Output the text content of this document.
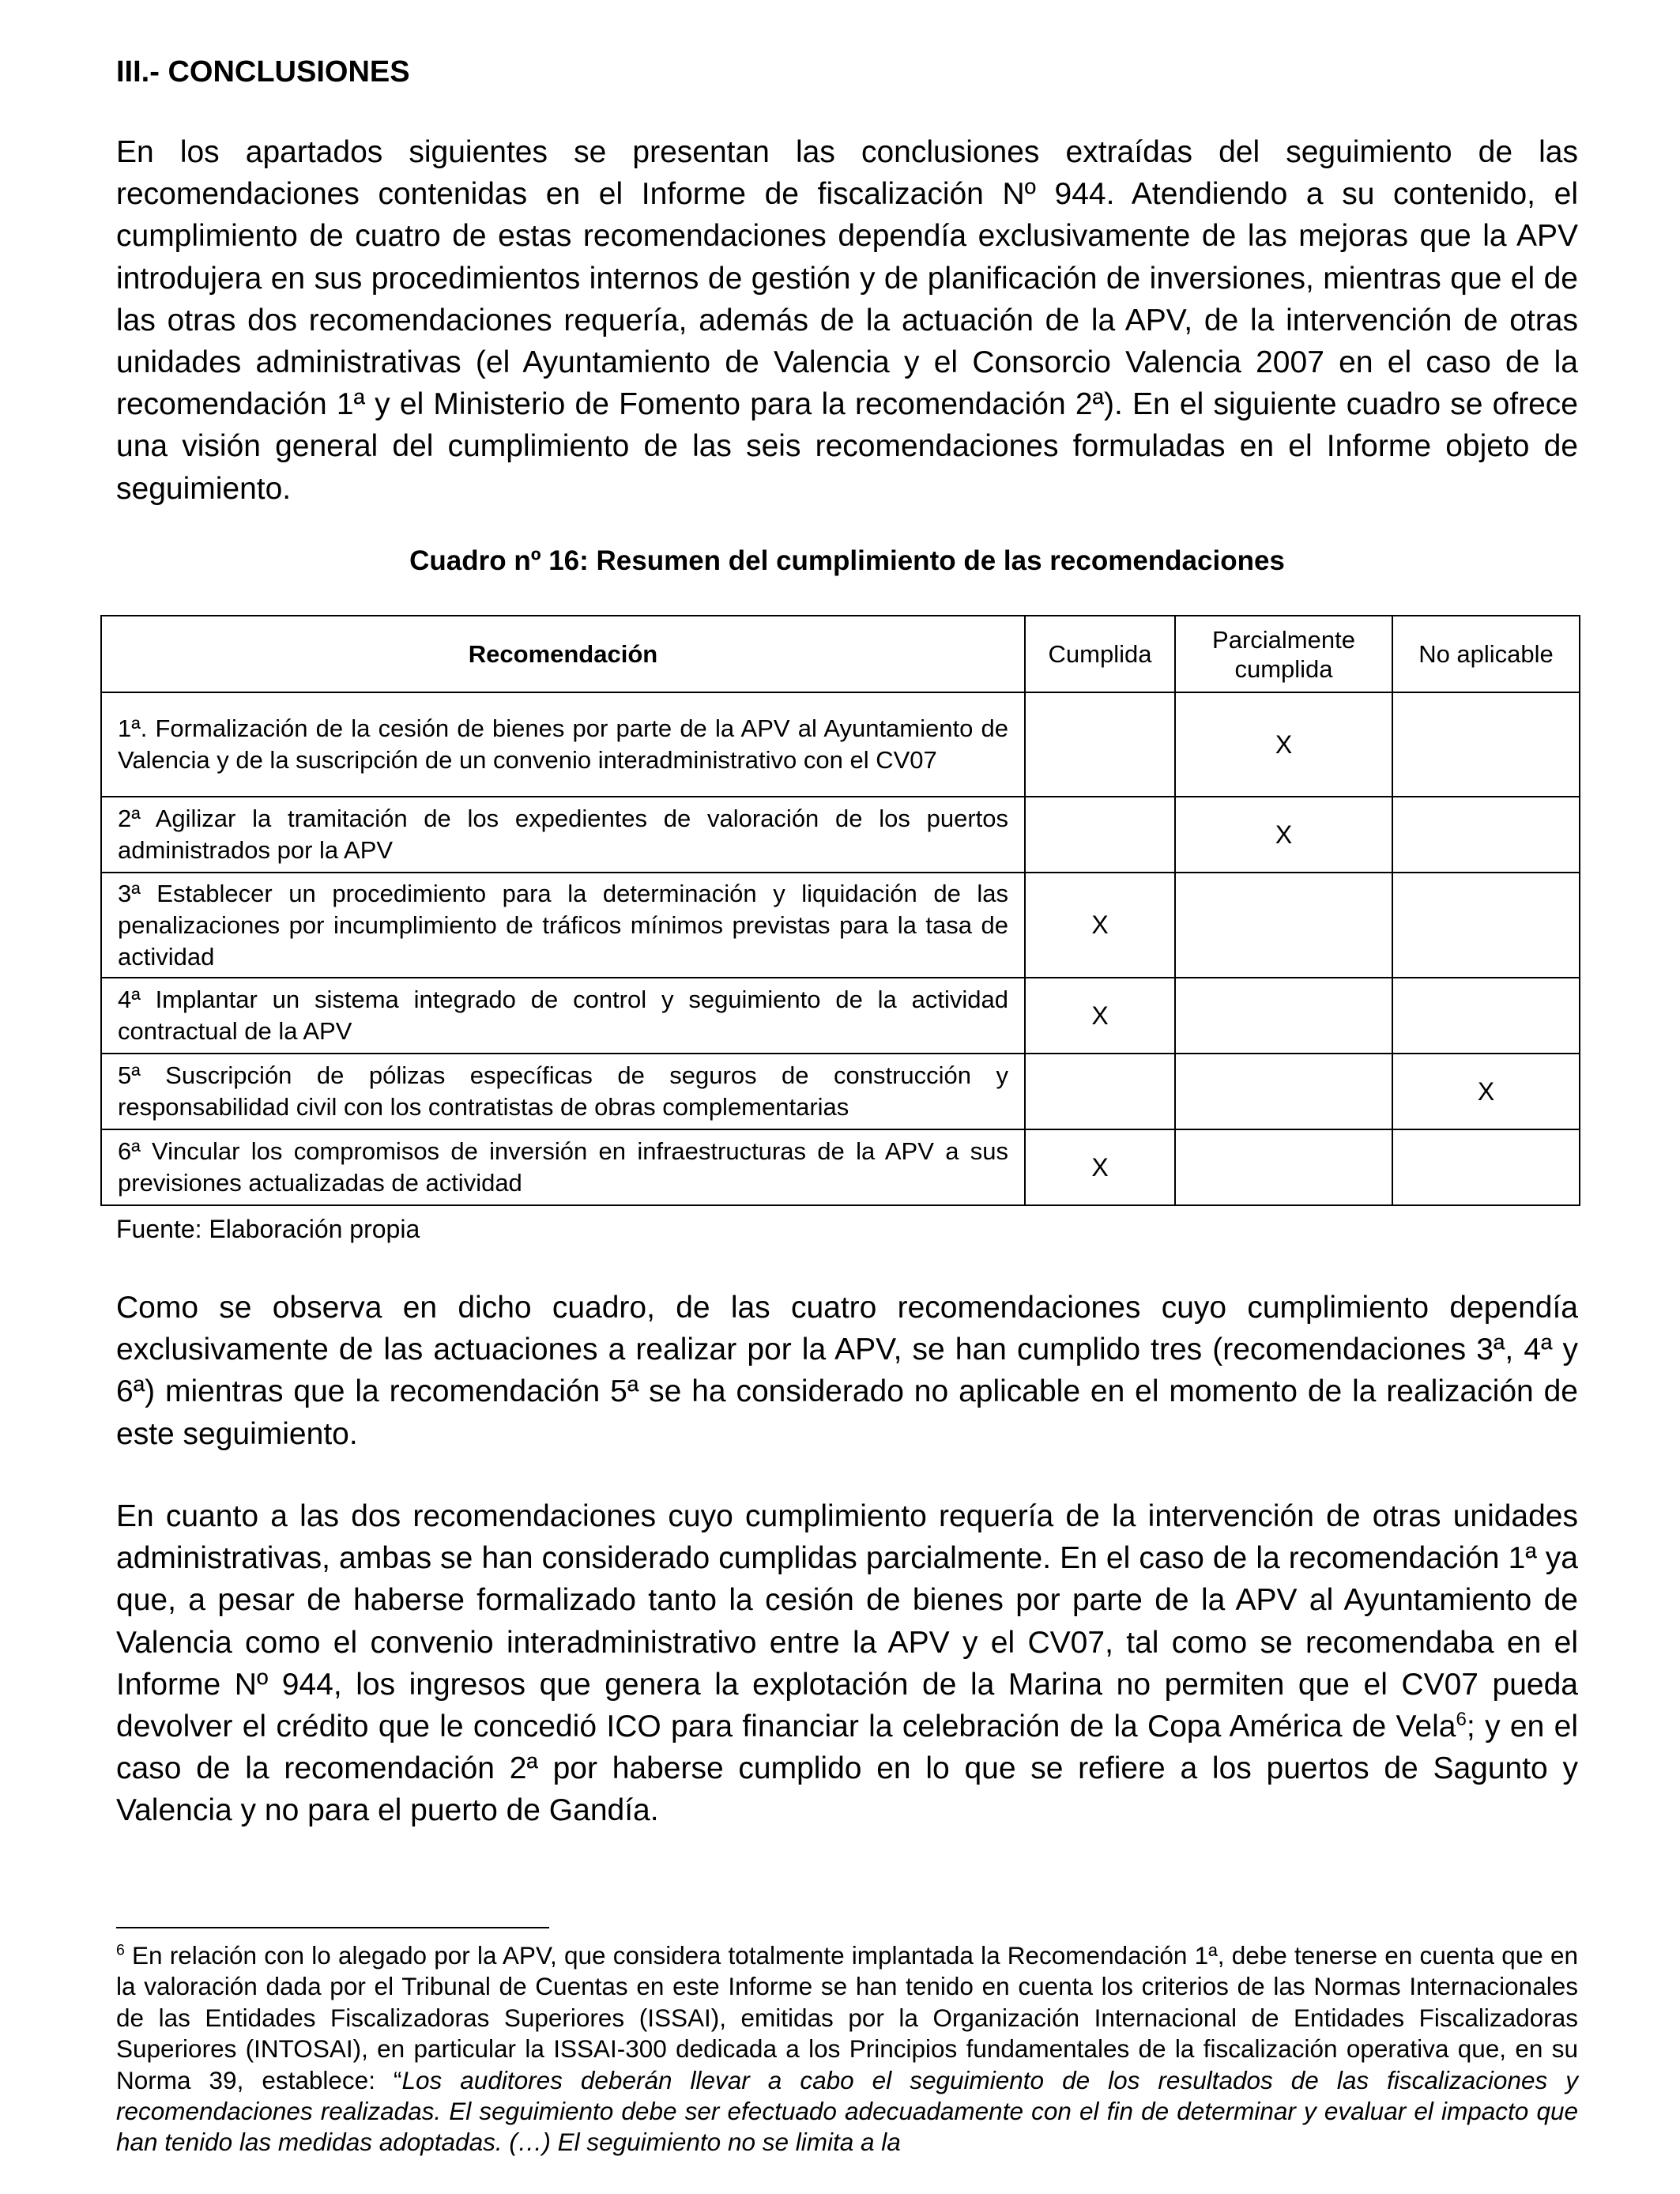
III.- CONCLUSIONES

En los apartados siguientes se presentan las conclusiones extraídas del seguimiento de las recomendaciones contenidas en el Informe de fiscalización Nº 944. Atendiendo a su contenido, el cumplimiento de cuatro de estas recomendaciones dependía exclusivamente de las mejoras que la APV introdujera en sus procedimientos internos de gestión y de planificación de inversiones, mientras que el de las otras dos recomendaciones requería, además de la actuación de la APV, de la intervención de otras unidades administrativas (el Ayuntamiento de Valencia y el Consorcio Valencia 2007 en el caso de la recomendación 1ª y el Ministerio de Fomento para la recomendación 2ª). En el siguiente cuadro se ofrece una visión general del cumplimiento de las seis recomendaciones formuladas en el Informe objeto de seguimiento.

Cuadro nº 16: Resumen del cumplimiento de las recomendaciones

Recomendación	Cumplida	Parcialmente cumplida	No aplicable
1ª. Formalización de la cesión de bienes por parte de la APV al Ayuntamiento de Valencia y de la suscripción de un convenio interadministrativo con el CV07		X	
2ª Agilizar la tramitación de los expedientes de valoración de los puertos administrados por la APV		X	
3ª Establecer un procedimiento para la determinación y liquidación de las penalizaciones por incumplimiento de tráficos mínimos previstas para la tasa de actividad	X		
4ª Implantar un sistema integrado de control y seguimiento de la actividad contractual de la APV	X		
5ª Suscripción de pólizas específicas de seguros de construcción y responsabilidad civil con los contratistas de obras complementarias			X
6ª Vincular los compromisos de inversión en infraestructuras de la APV a sus previsiones actualizadas de actividad	X		

Fuente: Elaboración propia

Como se observa en dicho cuadro, de las cuatro recomendaciones cuyo cumplimiento dependía exclusivamente de las actuaciones a realizar por la APV, se han cumplido tres (recomendaciones 3ª, 4ª y 6ª) mientras que la recomendación 5ª se ha considerado no aplicable en el momento de la realización de este seguimiento.

En cuanto a las dos recomendaciones cuyo cumplimiento requería de la intervención de otras unidades administrativas, ambas se han considerado cumplidas parcialmente. En el caso de la recomendación 1ª ya que, a pesar de haberse formalizado tanto la cesión de bienes por parte de la APV al Ayuntamiento de Valencia como el convenio interadministrativo entre la APV y el CV07, tal como se recomendaba en el Informe Nº 944, los ingresos que genera la explotación de la Marina no permiten que el CV07 pueda devolver el crédito que le concedió ICO para financiar la celebración de la Copa América de Vela$^6$; y en el caso de la recomendación 2ª por haberse cumplido en lo que se refiere a los puertos de Sagunto y Valencia y no para el puerto de Gandía.

$^6$ En relación con lo alegado por la APV, que considera totalmente implantada la Recomendación 1ª, debe tenerse en cuenta que en la valoración dada por el Tribunal de Cuentas en este Informe se han tenido en cuenta los criterios de las Normas Internacionales de las Entidades Fiscalizadoras Superiores (ISSAI), emitidas por la Organización Internacional de Entidades Fiscalizadoras Superiores (INTOSAI), en particular la ISSAI-300 dedicada a los Principios fundamentales de la fiscalización operativa que, en su Norma 39, establece: “Los auditores deberán llevar a cabo el seguimiento de los resultados de las fiscalizaciones y recomendaciones realizadas. El seguimiento debe ser efectuado adecuadamente con el fin de determinar y evaluar el impacto que han tenido las medidas adoptadas. (…) El seguimiento no se limita a la
